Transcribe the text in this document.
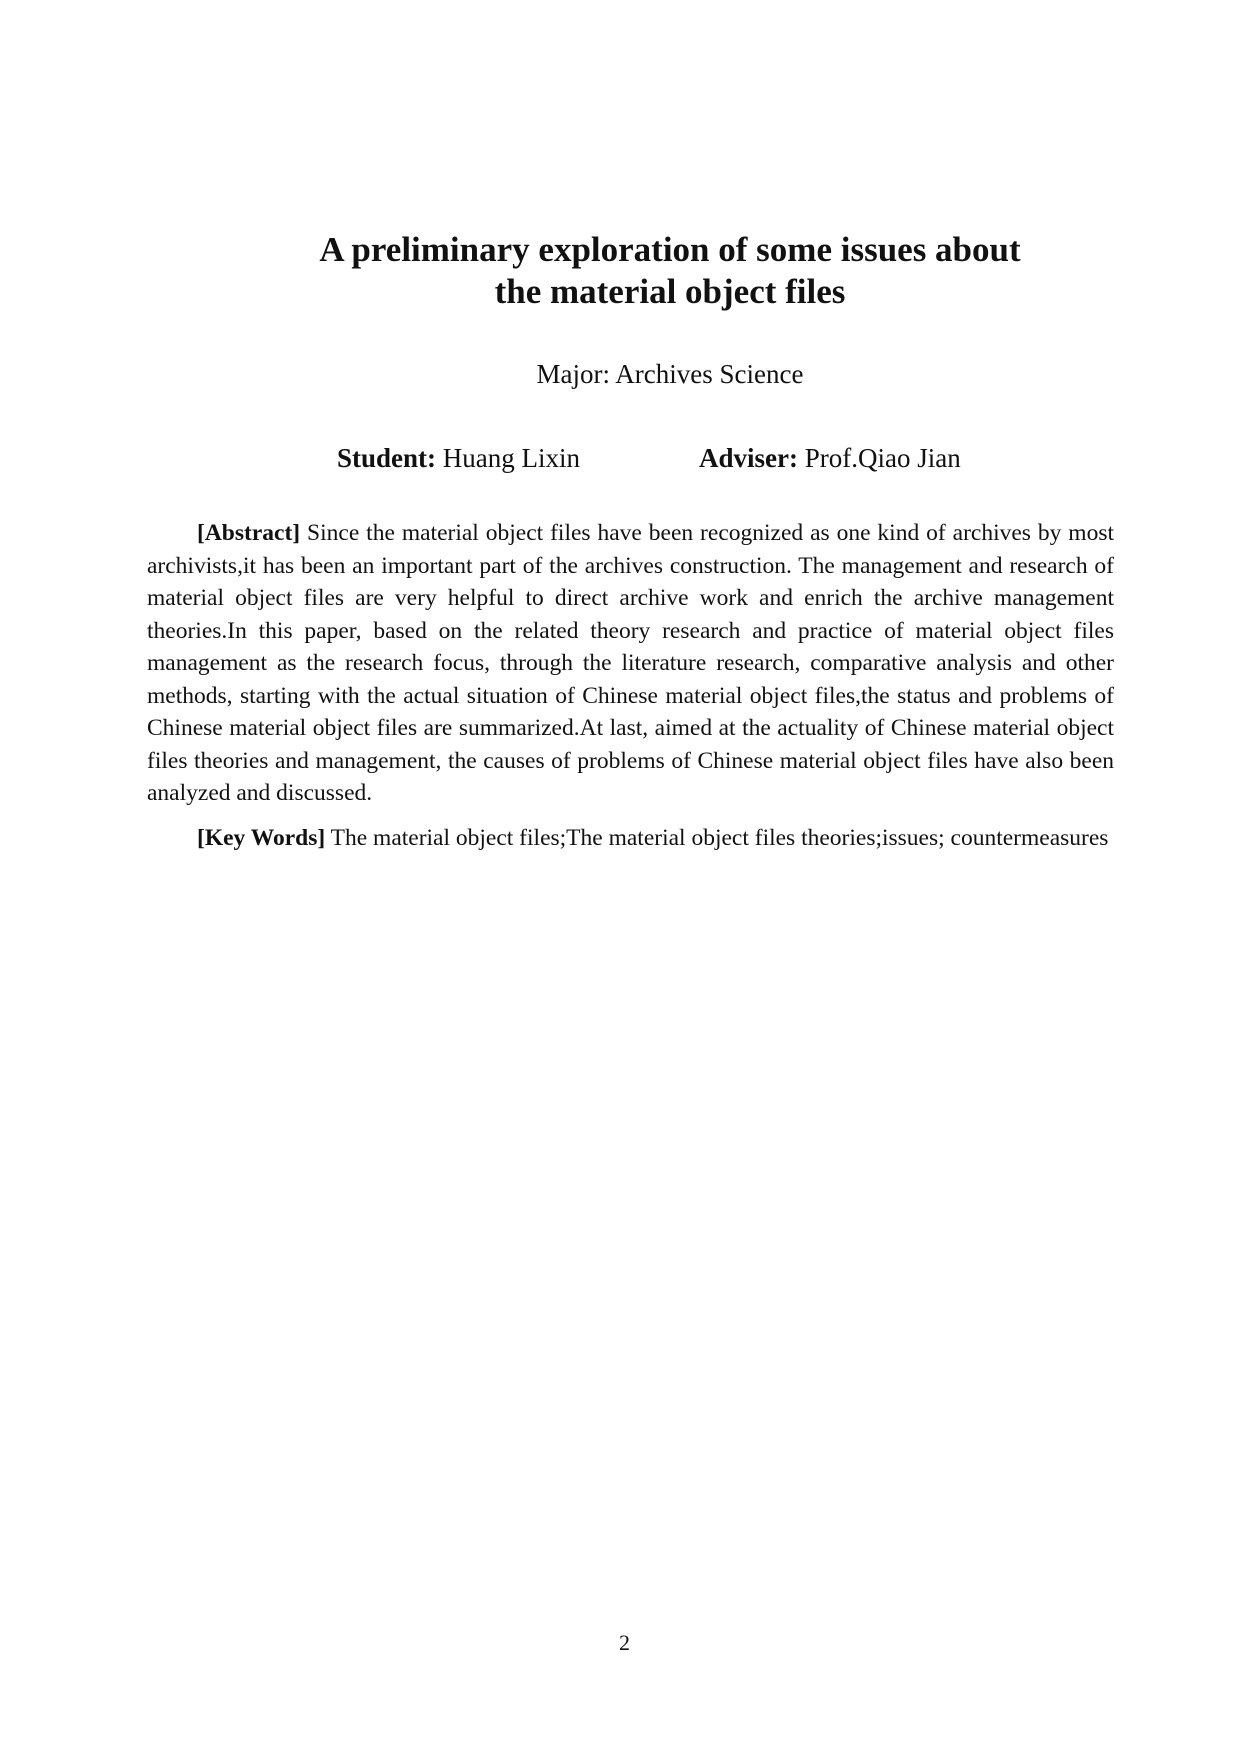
A preliminary exploration of some issues about
the material object files
Major: Archives Science
Student: Huang Lixin	Adviser: Prof.Qiao Jian

[Abstract] Since the material object files have been recognized as one kind of archives by most archivists,it has been an important part of the archives construction. The management and research of material object files are very helpful to direct archive work and enrich the archive management theories.In this paper, based on the related theory research and practice of material object files management as the research focus, through the literature research, comparative analysis and other methods, starting with the actual situation of Chinese material object files,the status and problems of Chinese material object files are summarized.At last, aimed at the actuality of Chinese material object files theories and management, the causes of problems of Chinese material object files have also been analyzed and discussed.

[Key Words] The material object files;The material object files theories;issues; countermeasures

2
